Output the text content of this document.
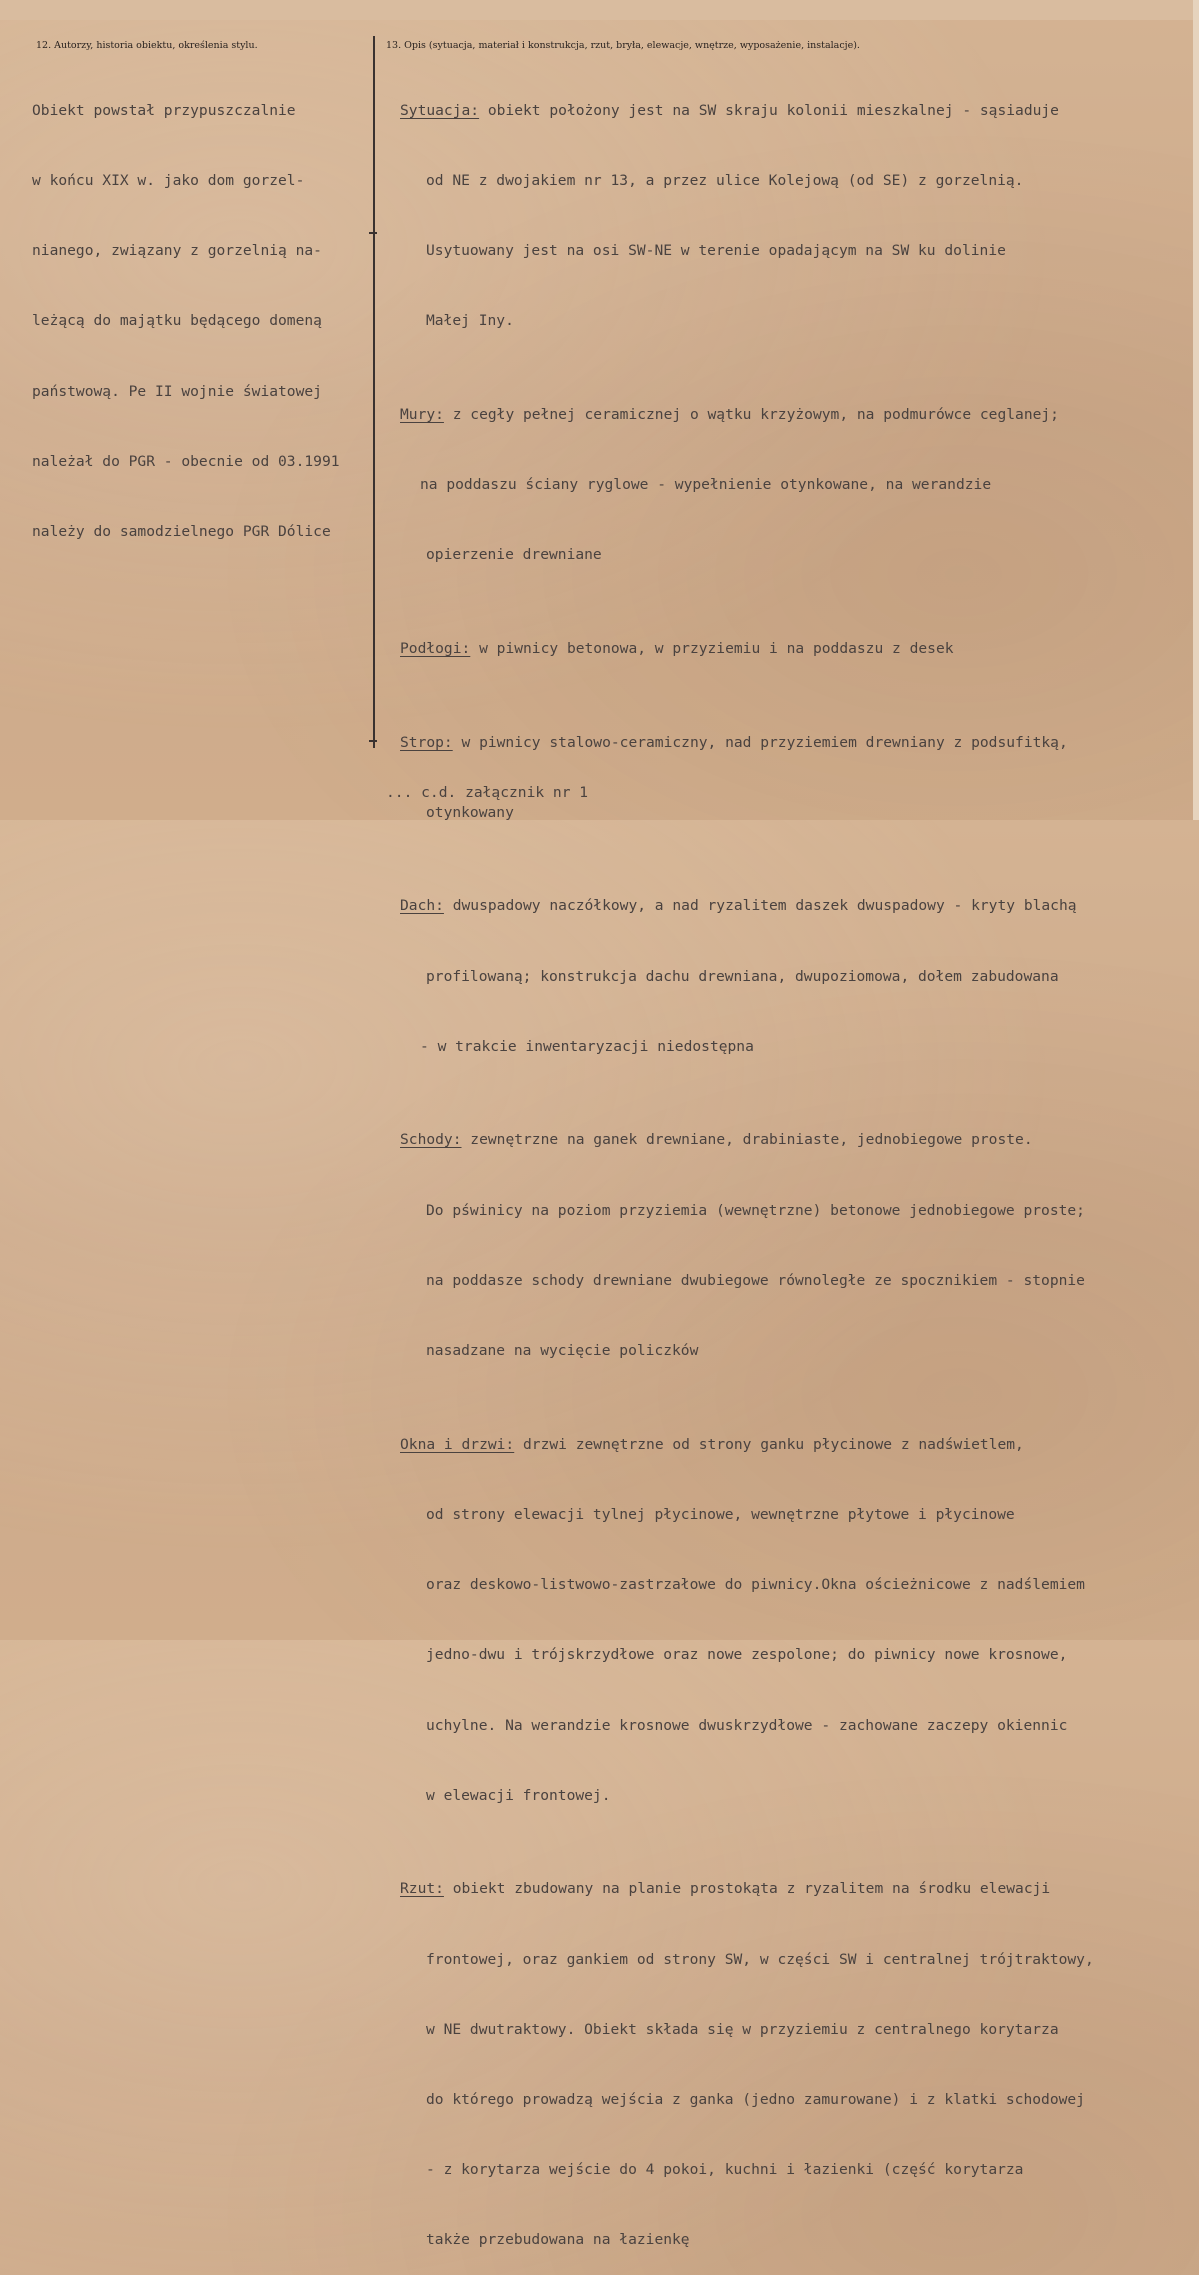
12. Autorzy, historia obiektu, określenia stylu.	13. Opis (sytuacja, materiał i konstrukcja, rzut, bryła, elewacje, wnętrze, wyposażenie, instalacje).

Obiekt powstał przypuszczalnie

w końcu XIX w. jako dom gorzel-

nianego, związany z gorzelnią na-

leżącą do majątku będącego domeną

państwową. Pe II wojnie światowej

należał do PGR - obecnie od 03.1991

należy do samodzielnego PGR Dólice

Sytuacja: obiekt położony jest na SW skraju kolonii mieszkalnej - sąsiaduje

od NE z dwojakiem nr 13, a przez ulice Kolejową (od SE) z gorzelnią.

Usytuowany jest na osi SW-NE w terenie opadającym na SW ku dolinie

Małej Iny.

Mury: z cegły pełnej ceramicznej o wątku krzyżowym, na podmurówce ceglanej;

na poddaszu ściany ryglowe - wypełnienie otynkowane, na werandzie

opierzenie drewniane

Podłogi: w piwnicy betonowa, w przyziemiu i na poddaszu z desek

Strop: w piwnicy stalowo-ceramiczny, nad przyziemiem drewniany z podsufitką,

otynkowany

Dach: dwuspadowy naczółkowy, a nad ryzalitem daszek dwuspadowy - kryty blachą

profilowaną; konstrukcja dachu drewniana, dwupoziomowa, dołem zabudowana

- w trakcie inwentaryzacji niedostępna

Schody: zewnętrzne na ganek drewniane, drabiniaste, jednobiegowe proste.

Do pświnicy na poziom przyziemia (wewnętrzne) betonowe jednobiegowe proste;

na poddasze schody drewniane dwubiegowe równoległe ze spocznikiem - stopnie

nasadzane na wycięcie policzków

Okna i drzwi: drzwi zewnętrzne od strony ganku płycinowe z nadświetlem,

od strony elewacji tylnej płycinowe, wewnętrzne płytowe i płycinowe

oraz deskowo-listwowo-zastrzałowe do piwnicy.Okna ościeżnicowe z nadślemiem

jedno-dwu i trójskrzydłowe oraz nowe zespolone; do piwnicy nowe krosnowe,

uchylne. Na werandzie krosnowe dwuskrzydłowe - zachowane zaczepy okiennic

w elewacji frontowej.

Rzut: obiekt zbudowany na planie prostokąta z ryzalitem na środku elewacji

frontowej, oraz gankiem od strony SW, w części SW i centralnej trójtraktowy,

w NE dwutraktowy. Obiekt składa się w przyziemiu z centralnego korytarza

do którego prowadzą wejścia z ganka (jedno zamurowane) i z klatki schodowej

- z korytarza wejście do 4 pokoi, kuchni i łazienki (część korytarza

także przebudowana na łazienkę

... c.d. załącznik nr 1
